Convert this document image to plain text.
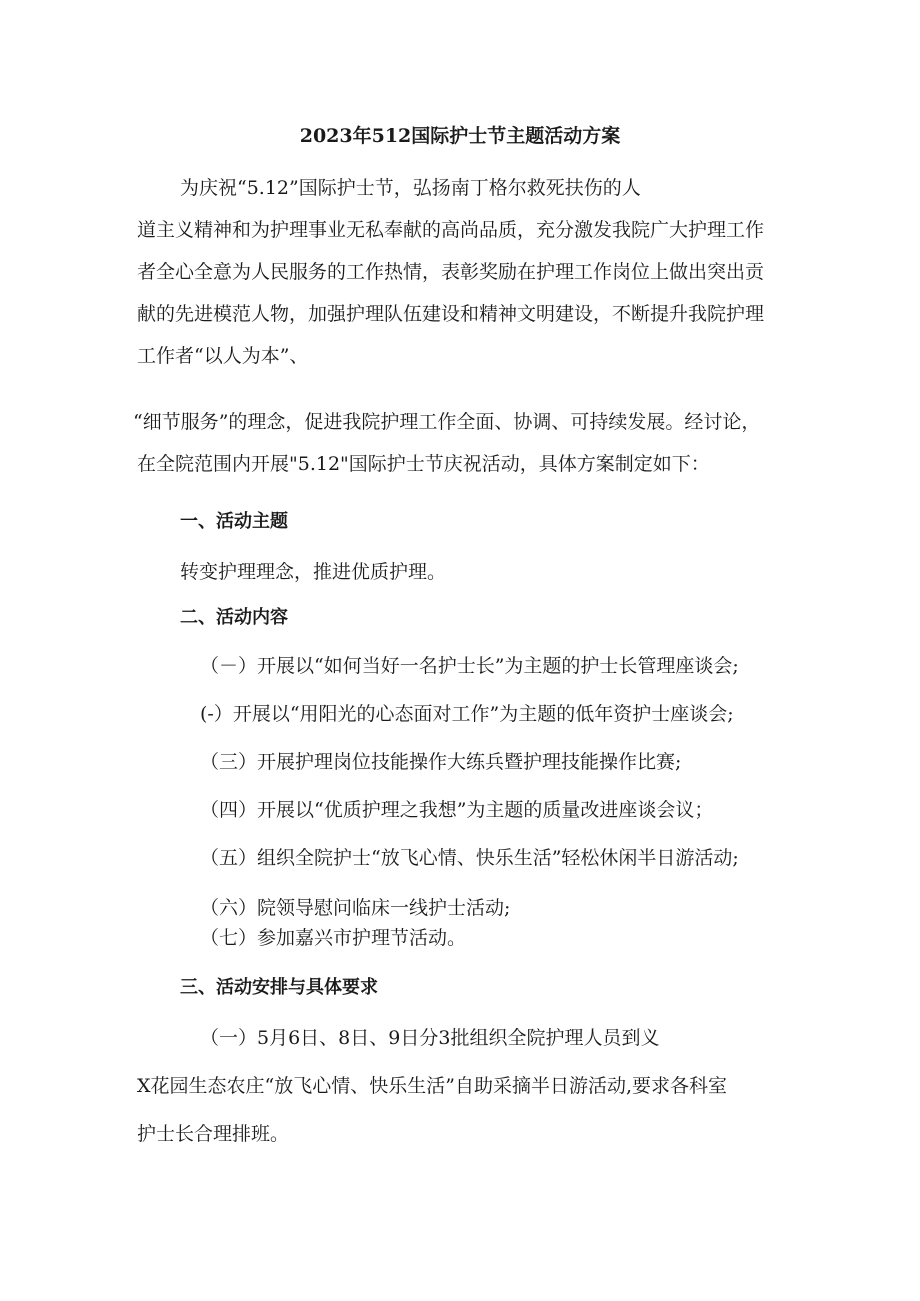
2023年512国际护士节主题活动方案
为庆祝“5.12”国际护士节，弘扬南丁格尔救死扶伤的人
道主义精神和为护理事业无私奉献的高尚品质，充分激发我院广大护理工作
者全心全意为人民服务的工作热情，表彰奖励在护理工作岗位上做出突出贡
献的先进模范人物，加强护理队伍建设和精神文明建设，不断提升我院护理
工作者“以人为本”、
“细节服务”的理念，促进我院护理工作全面、协调、可持续发展。经讨论，
在全院范围内开展"5.12"国际护士节庆祝活动，具体方案制定如下：
一、活动主题
转变护理理念，推进优质护理。
二、活动内容
（－）开展以“如何当好一名护士长”为主题的护士长管理座谈会;
(-）开展以“用阳光的心态面对工作”为主题的低年资护士座谈会;
（三）开展护理岗位技能操作大练兵暨护理技能操作比赛;
（四）开展以“优质护理之我想”为主题的质量改进座谈会议；
（五）组织全院护士“放飞心情、快乐生活”轻松休闲半日游活动;
（六）院领导慰问临床一线护士活动;
（七）参加嘉兴市护理节活动。
三、活动安排与具体要求
（一）5月6日、8日、9日分3批组织全院护理人员到义
X花园生态农庄“放飞心情、快乐生活”自助采摘半日游活动,要求各科室
护士长合理排班。
